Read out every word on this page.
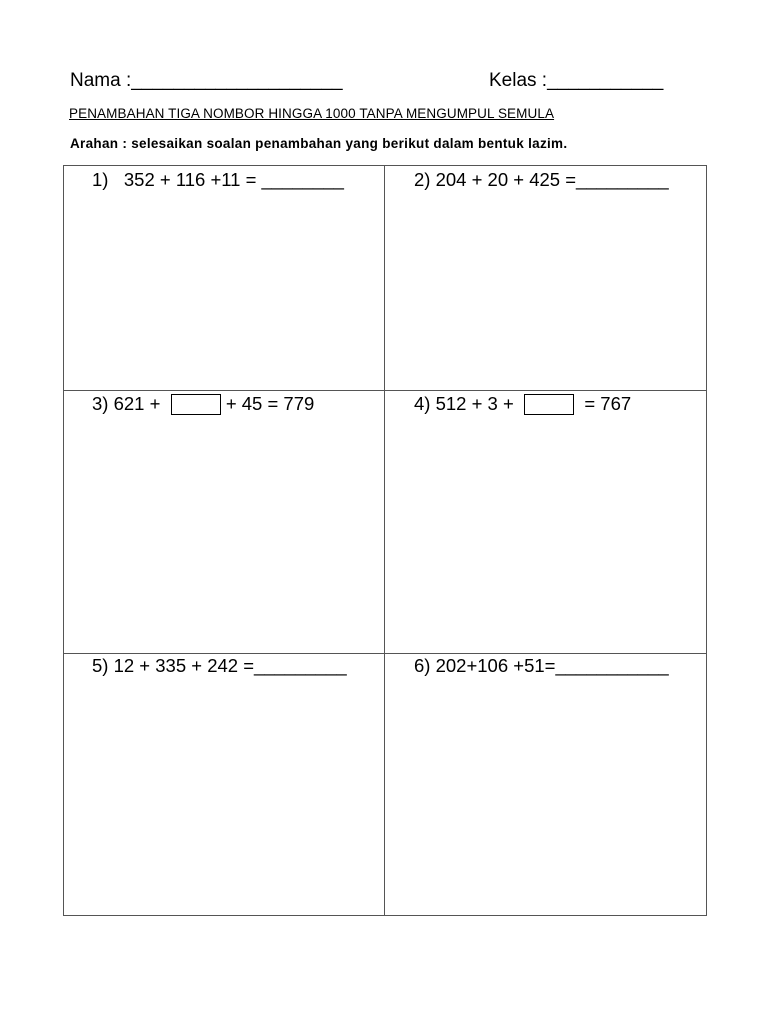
Nama :____________________	Kelas :___________
PENAMBAHAN TIGA NOMBOR HINGGA 1000 TANPA MENGUMPUL SEMULA
Arahan : selesaikan soalan penambahan yang berikut dalam bentuk lazim.
1)   352 + 116 +11 = ________	2) 204 + 20 + 425 =_________
3) 621 +	+ 45 = 779	4) 512 + 3 +	= 767
5) 12 + 335 + 242 =_________	6) 202+106 +51=___________
